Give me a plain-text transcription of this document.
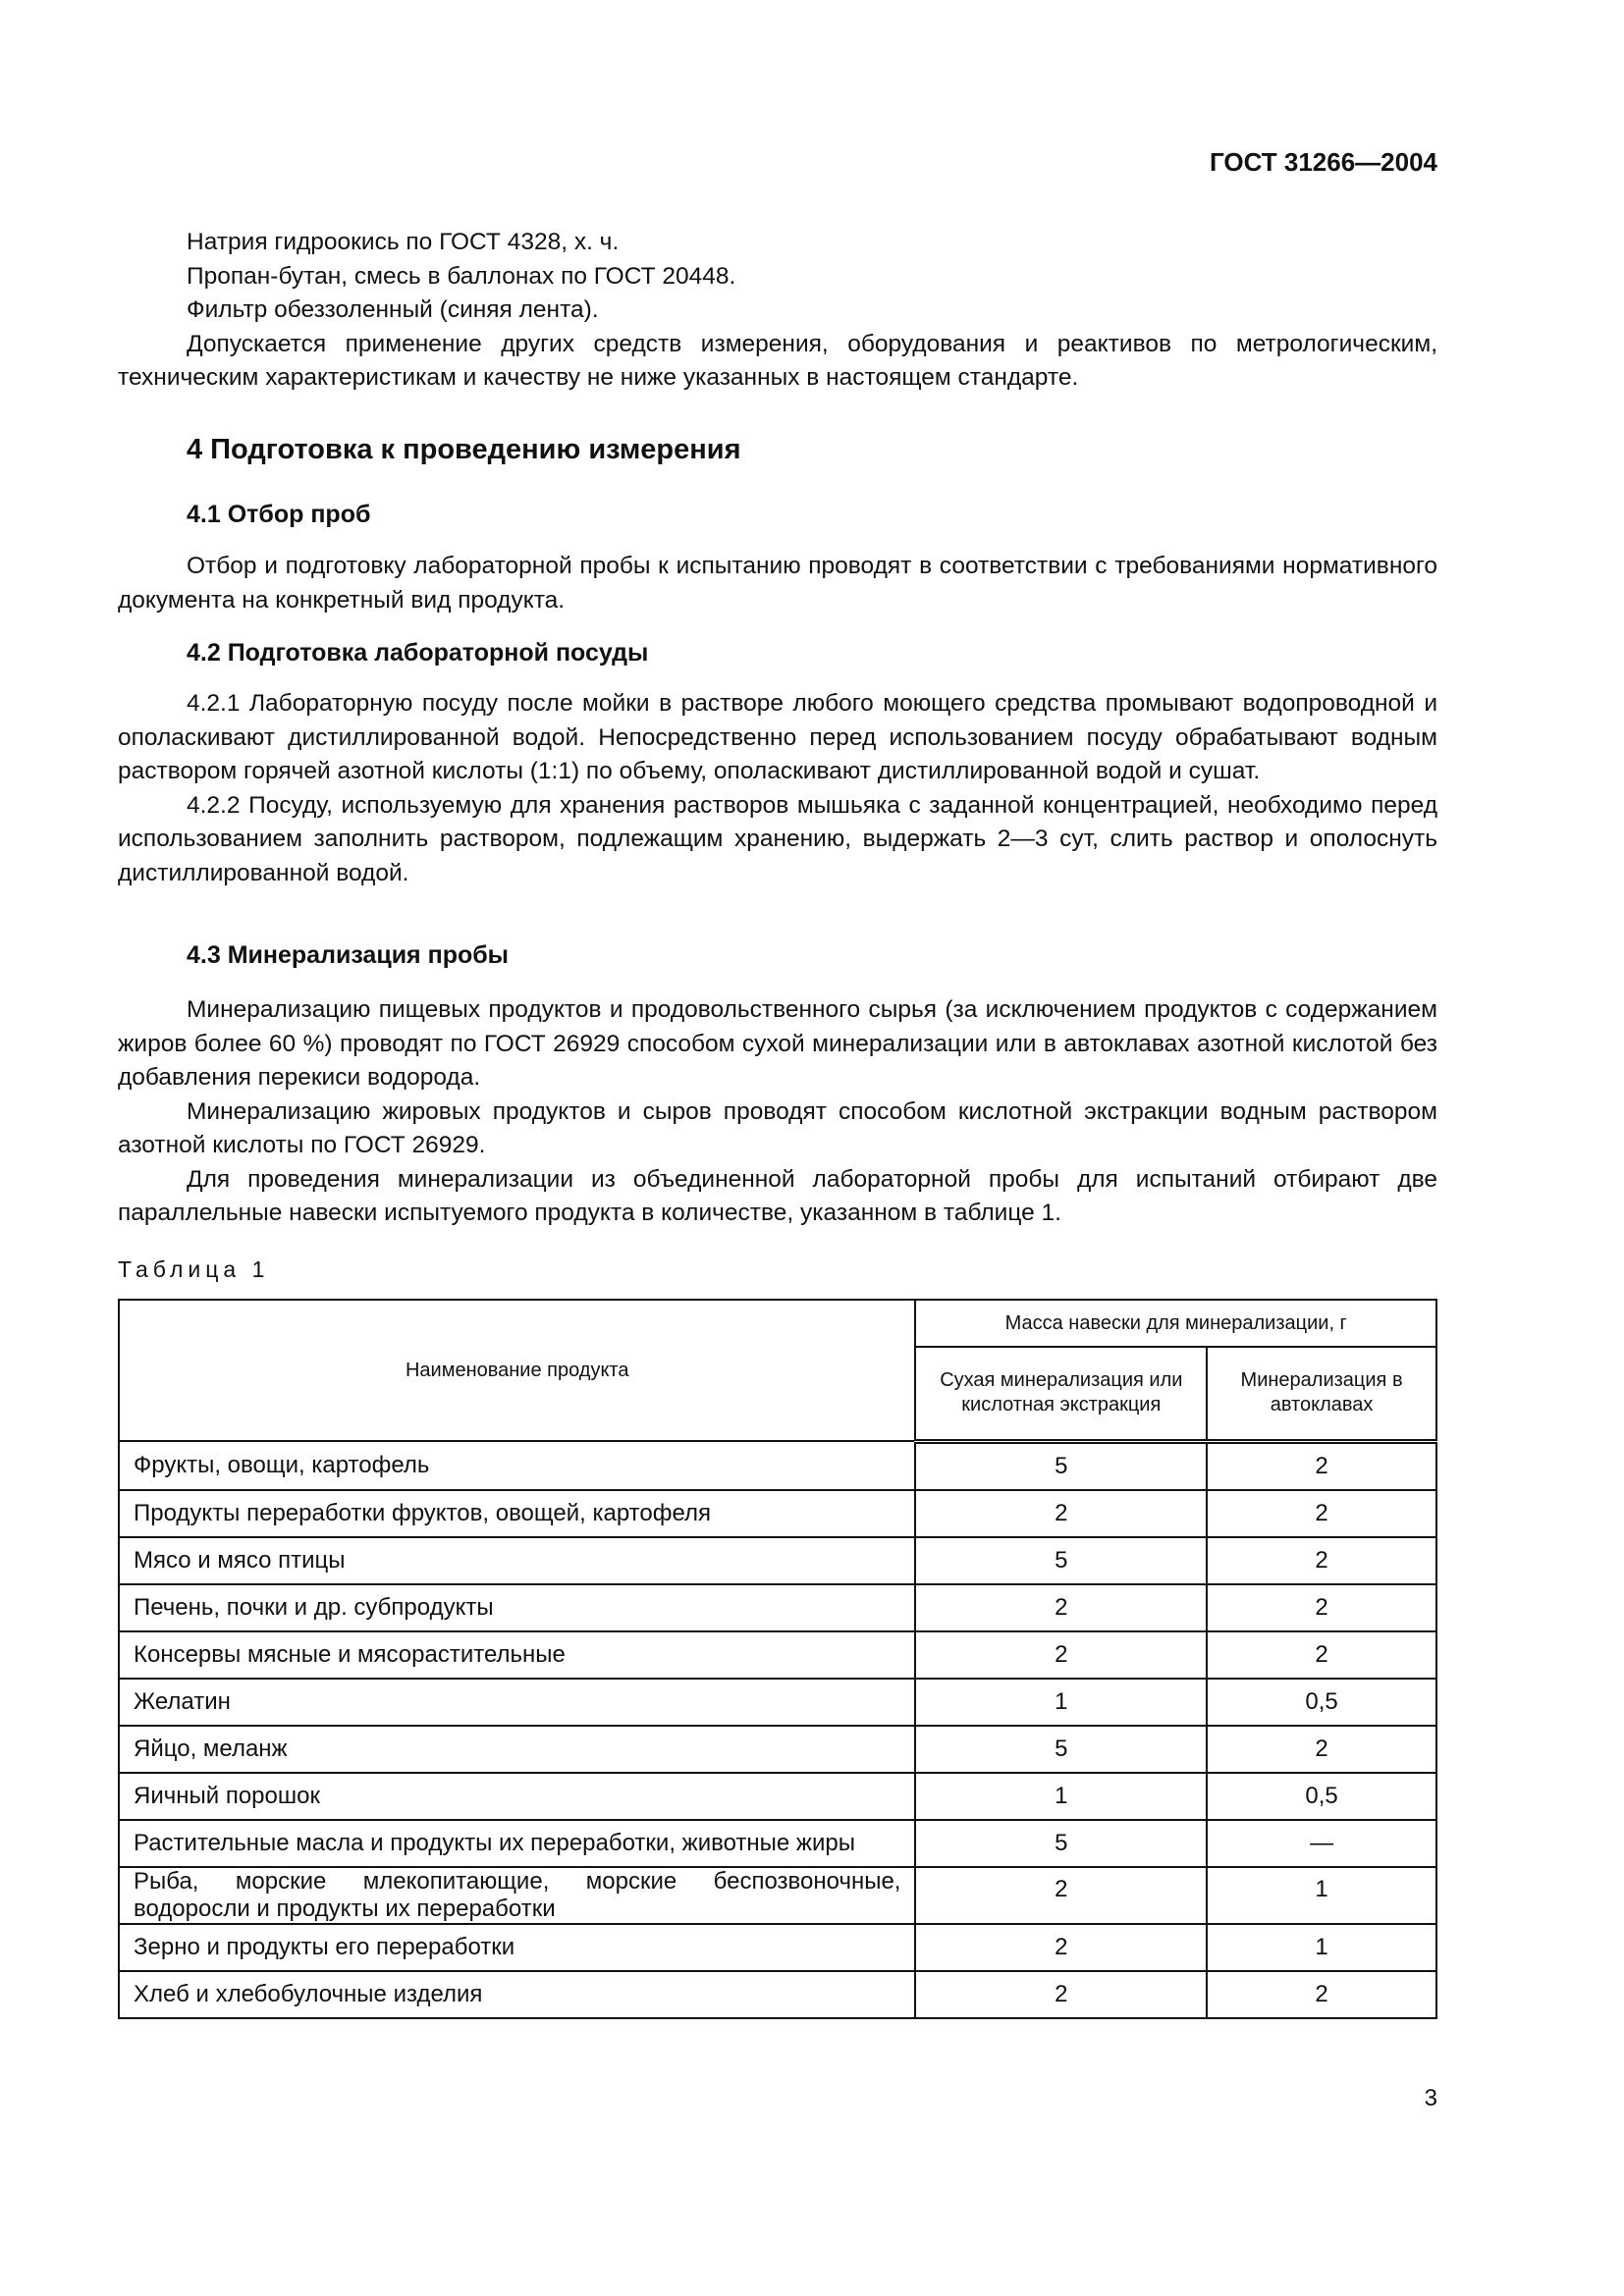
ГОСТ 31266—2004

Натрия гидроокись по ГОСТ 4328, х. ч.

Пропан-бутан, смесь в баллонах по ГОСТ 20448.

Фильтр обеззоленный (синяя лента).

Допускается применение других средств измерения, оборудования и реактивов по метрологическим, техническим характеристикам и качеству не ниже указанных в настоящем стандарте.

4 Подготовка к проведению измерения
4.1 Отбор проб

Отбор и подготовку лабораторной пробы к испытанию проводят в соответствии с требованиями нормативного документа на конкретный вид продукта.

4.2 Подготовка лабораторной посуды

4.2.1 Лабораторную посуду после мойки в растворе любого моющего средства промывают водопроводной и ополаскивают дистиллированной водой. Непосредственно перед использованием посуду обрабатывают водным раствором горячей азотной кислоты (1:1) по объему, ополаскивают дистиллированной водой и сушат.

4.2.2 Посуду, используемую для хранения растворов мышьяка с заданной концентрацией, необходимо перед использованием заполнить раствором, подлежащим хранению, выдержать 2—3 сут, слить раствор и ополоснуть дистиллированной водой.

4.3 Минерализация пробы

Минерализацию пищевых продуктов и продовольственного сырья (за исключением продуктов с содержанием жиров более 60 %) проводят по ГОСТ 26929 способом сухой минерализации или в автоклавах азотной кислотой без добавления перекиси водорода.

Минерализацию жировых продуктов и сыров проводят способом кислотной экстракции водным раствором азотной кислоты по ГОСТ 26929.

Для проведения минерализации из объединенной лабораторной пробы для испытаний отбирают две параллельные навески испытуемого продукта в количестве, указанном в таблице 1.

Таблица 1
Наименование продукта	Масса навески для минерализации, г	
	Сухая минерализация или кислотная экстракция	Минерализация в автоклавах
Фрукты, овощи, картофель	5	2
Продукты переработки фруктов, овощей, картофеля	2	2
Мясо и мясо птицы	5	2
Печень, почки и др. субпродукты	2	2
Консервы мясные и мясорастительные	2	2
Желатин	1	0,5
Яйцо, меланж	5	2
Яичный порошок	1	0,5
Растительные масла и продукты их переработки, животные жиры	5	—
Рыба, морские млекопитающие, морские беспозвоночные, водоросли и продукты их переработки	2	1
Зерно и продукты его переработки	2	1
Хлеб и хлебобулочные изделия	2	2
3
